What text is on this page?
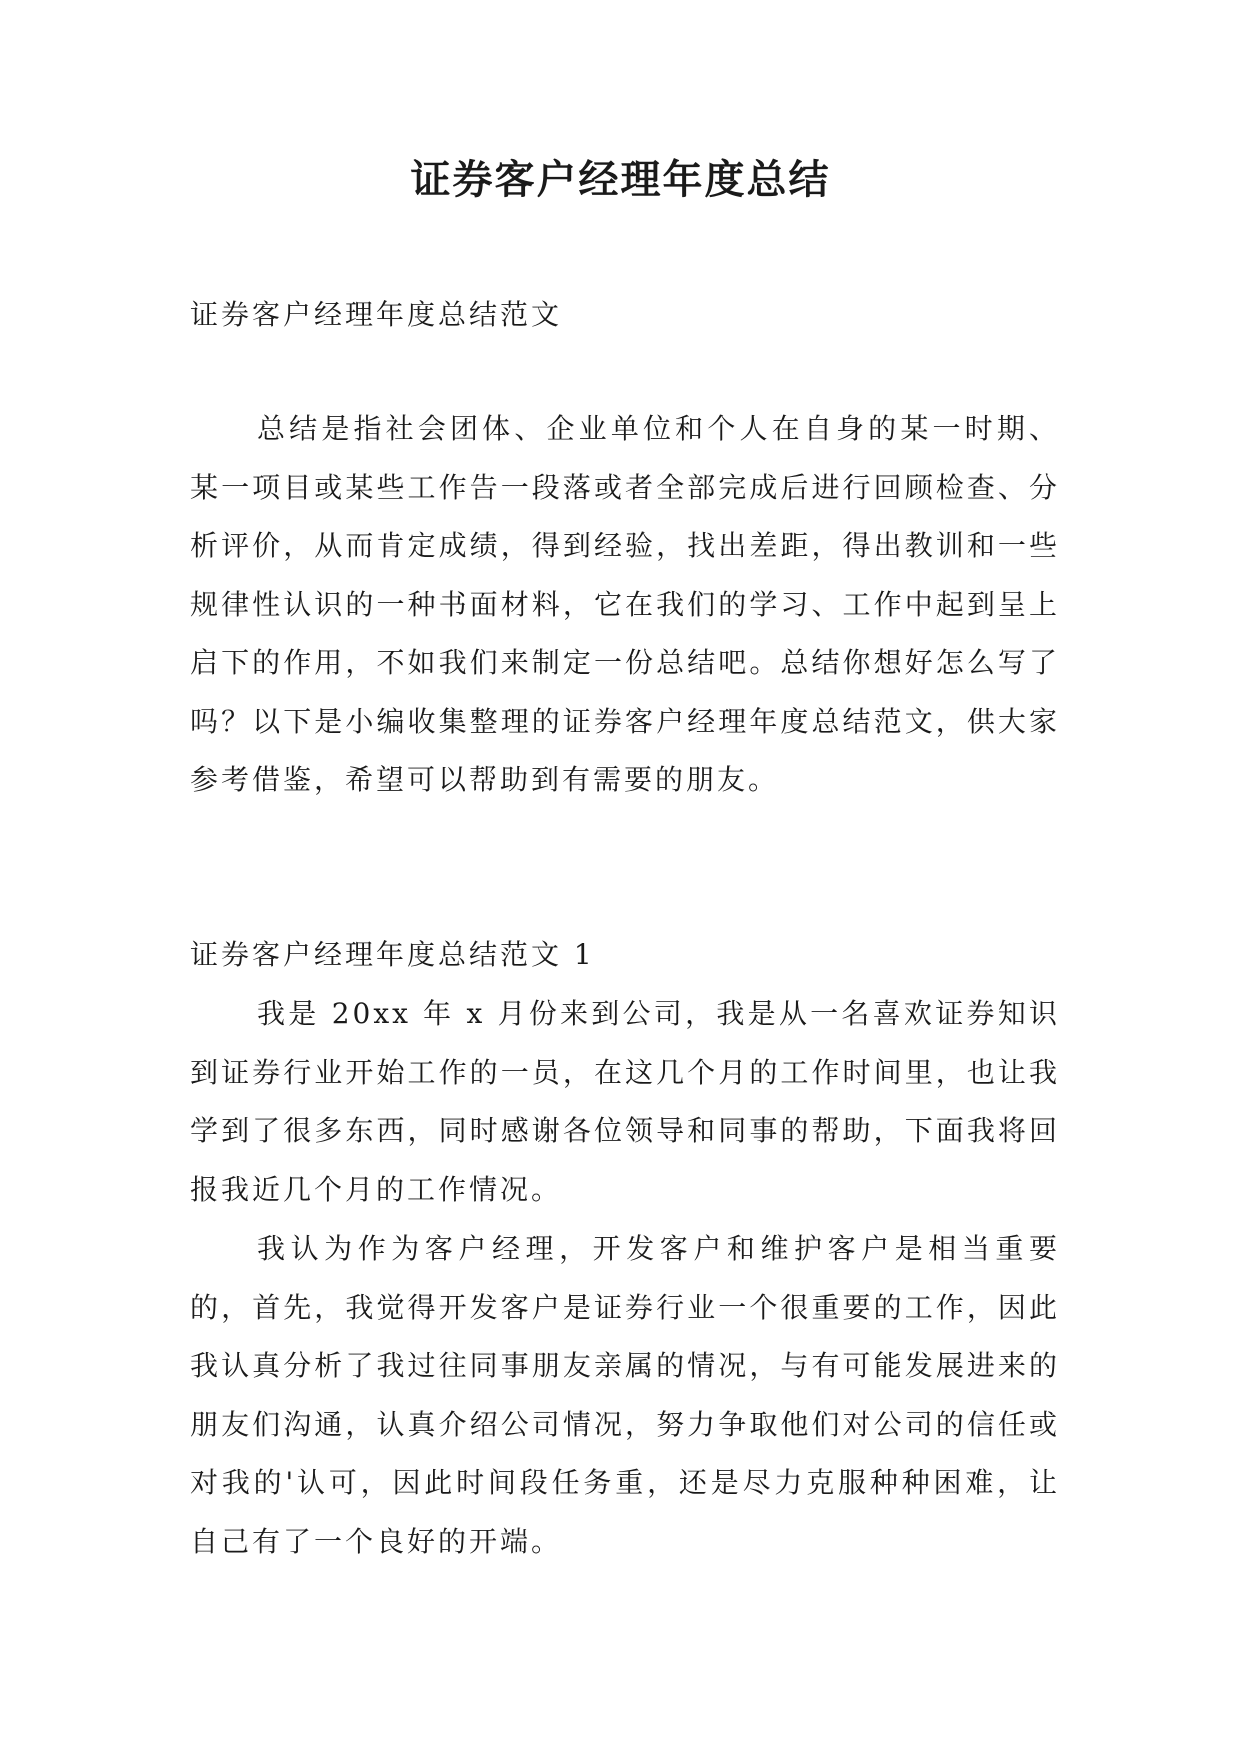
证券客户经理年度总结

证券客户经理年度总结范文

总结是指社会团体、企业单位和个人在自身的某一时期、某一项目或某些工作告一段落或者全部完成后进行回顾检查、分析评价，从而肯定成绩，得到经验，找出差距，得出教训和一些规律性认识的一种书面材料，它在我们的学习、工作中起到呈上启下的作用，不如我们来制定一份总结吧。总结你想好怎么写了吗？以下是小编收集整理的证券客户经理年度总结范文，供大家参考借鉴，希望可以帮助到有需要的朋友。

证券客户经理年度总结范文 1

我是 20xx 年 x 月份来到公司，我是从一名喜欢证券知识到证券行业开始工作的一员，在这几个月的工作时间里，也让我学到了很多东西，同时感谢各位领导和同事的帮助，下面我将回报我近几个月的工作情况。

我认为作为客户经理，开发客户和维护客户是相当重要的，首先，我觉得开发客户是证券行业一个很重要的工作，因此我认真分析了我过往同事朋友亲属的情况，与有可能发展进来的朋友们沟通，认真介绍公司情况，努力争取他们对公司的信任或对我的'认可，因此时间段任务重，还是尽力克服种种困难，让自己有了一个良好的开端。
